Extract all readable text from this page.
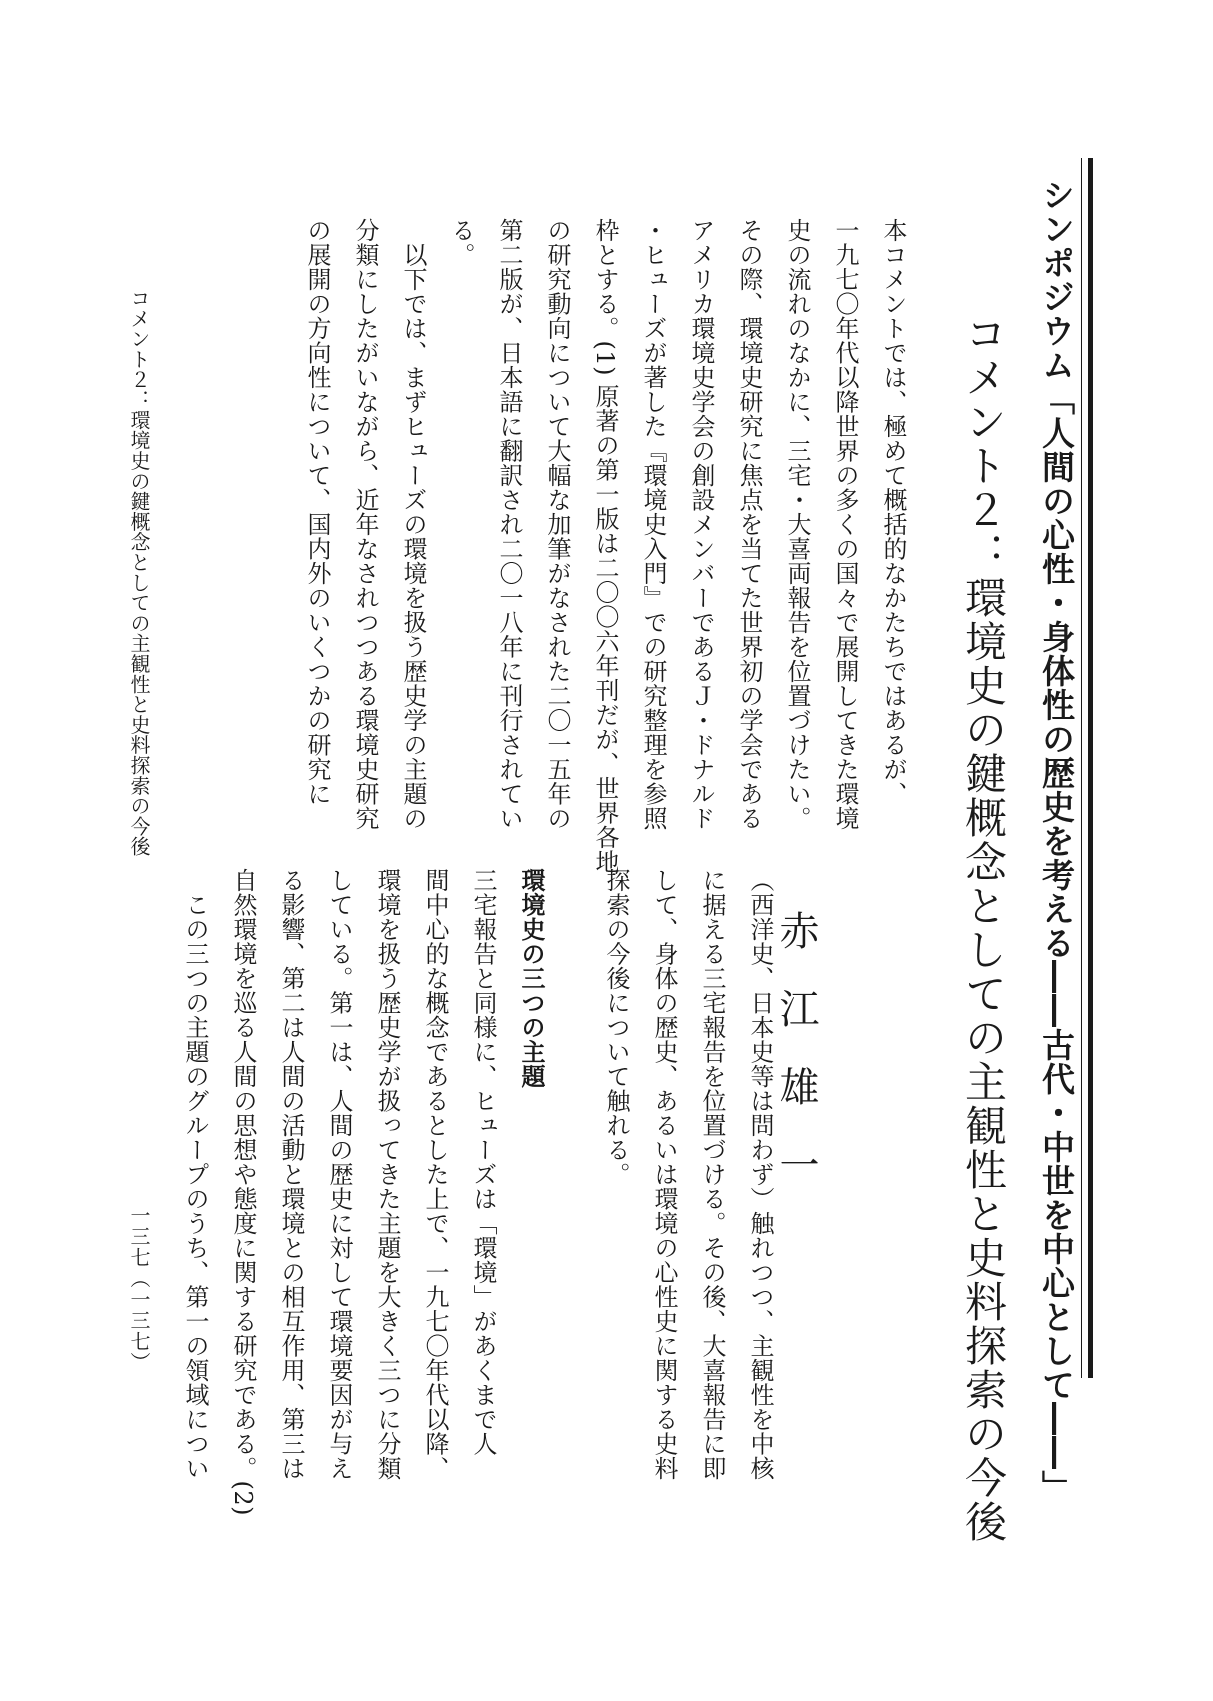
シンポジウム「人間の心性・身体性の歴史を考える――古代・中世を中心として――」
コメント２：環境史の鍵概念としての主観性と史料探索の今後
赤江雄一
本コメントでは、極めて概括的なかたちではあるが、
一九七〇年代以降世界の多くの国々で展開してきた環境
史の流れのなかに、三宅・大喜両報告を位置づけたい。
その際、環境史研究に焦点を当てた世界初の学会である
アメリカ環境史学会の創設メンバーであるＪ・ドナルド
・ヒューズが著した『環境史入門』での研究整理を参照
枠とする。(1) 原著の第一版は二〇〇六年刊だが、世界各地
の研究動向について大幅な加筆がなされた二〇一五年の
第二版が、日本語に翻訳され二〇一八年に刊行されてい
る。
　以下では、まずヒューズの環境を扱う歴史学の主題の
分類にしたがいながら、近年なされつつある環境史研究
の展開の方向性について、国内外のいくつかの研究に
（西洋史、日本史等は問わず）触れつつ、主観性を中核
に据える三宅報告を位置づける。その後、大喜報告に即
して、身体の歴史、あるいは環境の心性史に関する史料
探索の今後について触れる。
環境史の三つの主題
三宅報告と同様に、ヒューズは「環境」があくまで人
間中心的な概念であるとした上で、一九七〇年代以降、
環境を扱う歴史学が扱ってきた主題を大きく三つに分類
している。第一は、人間の歴史に対して環境要因が与え
る影響、第二は人間の活動と環境との相互作用、第三は
自然環境を巡る人間の思想や態度に関する研究である。(2)
　この三つの主題のグループのうち、第一の領域につい
コメント２：環境史の鍵概念としての主観性と史料探索の今後
一三七（一三七）
